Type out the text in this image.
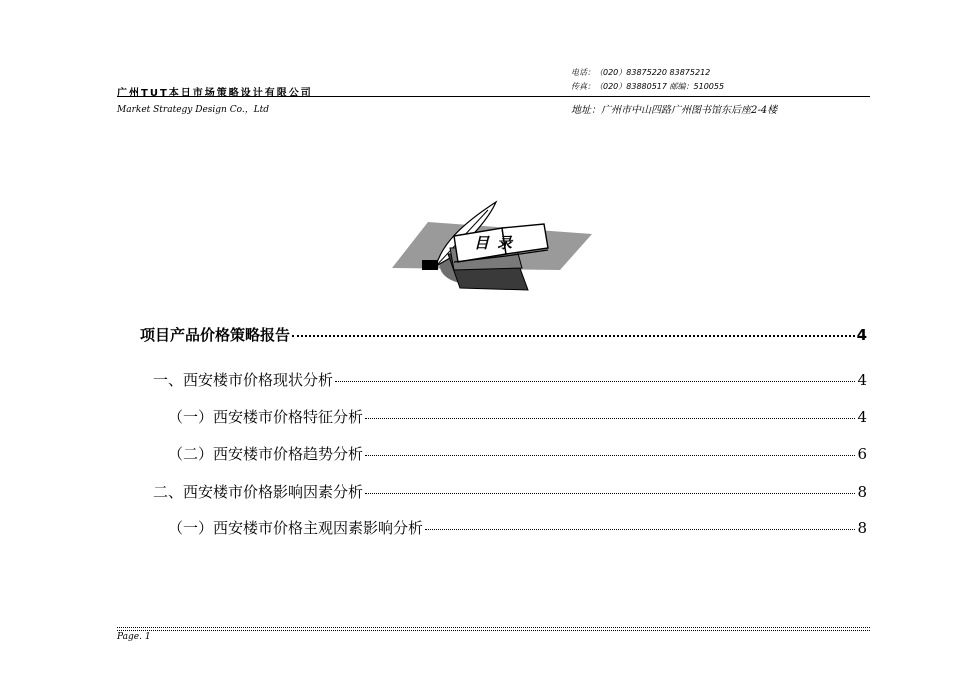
电话：（020）83875220 83875212
传真：（020）83880517 邮编：510055
广州TUT本日市场策略设计有限公司
Market Strategy Design Co.，Ltd	地址：广州市中山四路广州图书馆东后座2-4楼
目录
项目产品价格策略报告	4
一、西安楼市价格现状分析	4
（一）西安楼市价格特征分析	4
（二）西安楼市价格趋势分析	6
二、西安楼市价格影响因素分析	8
（一）西安楼市价格主观因素影响分析	8
Page. 1
